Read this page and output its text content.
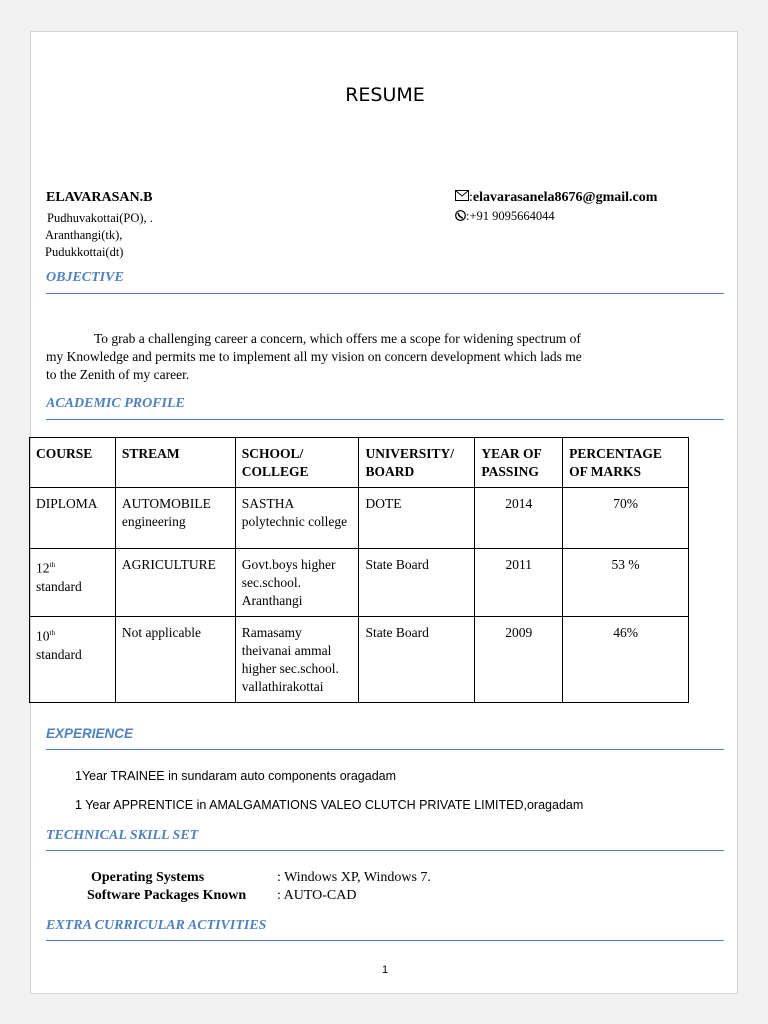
RESUME
ELAVARASAN.B
Pudhuvakottai(PO), .
Aranthangi(tk),
Pudukkottai(dt)
:elavarasanela8676@gmail.com
:+91 9095664044
OBJECTIVE
To grab a challenging career a concern, which offers me a scope for widening spectrum of
my Knowledge and permits me to implement all my vision on concern development which lads me
to the Zenith of my career.
ACADEMIC PROFILE
COURSE	STREAM	SCHOOL/ COLLEGE	UNIVERSITY/ BOARD	YEAR OF PASSING	PERCENTAGE OF MARKS
DIPLOMA	AUTOMOBILE engineering	SASTHA polytechnic college	DOTE	2014	70%
12th
standard	AGRICULTURE	Govt.boys higher sec.school. Aranthangi	State Board	2011	53 %
10th
standard	Not applicable	Ramasamy theivanai ammal higher sec.school. vallathirakottai	State Board	2009	46%
EXPERIENCE
1Year TRAINEE in sundaram auto components oragadam
1 Year APPRENTICE in AMALGAMATIONS VALEO CLUTCH PRIVATE LIMITED,oragadam
TECHNICAL SKILL SET
Operating Systems	: Windows XP, Windows 7.
Software Packages Known : AUTO-CAD
EXTRA CURRICULAR ACTIVITIES
1
